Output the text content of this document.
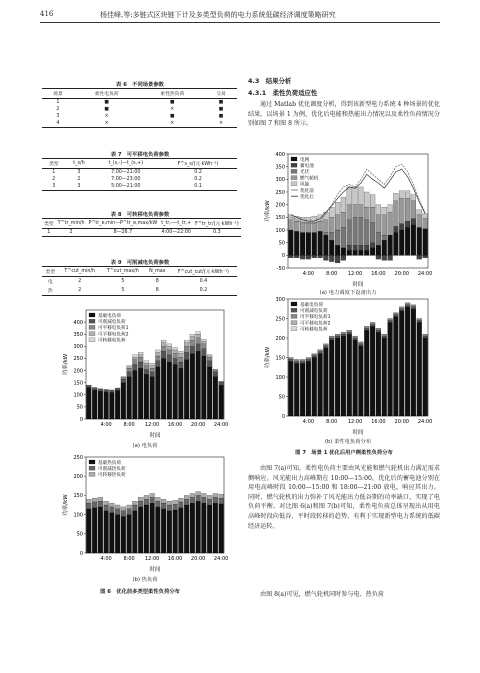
416	杨佳峰,等:多链式区块链下计及多类型负荷的电力系统低碳经济调度策略研究
表 6　不同场景参数
场景	柔性电负荷	柔性热负荷	交易
1	■	■	■
2	■	×	■
3	×	■	■
4	×	×	×
表 7　可平移电负荷参数
类型	t_s/h	t_(s,-)—t_(s,+)	F^s_s/(元·kWh⁻¹)
1	3	7:00—21:00	0.2
2	2	7:00—23:00	0.2
3	3	5:00—21:00	0.1
表 8　可转移电负荷参数
类型	T^tr_min/h	P^tr_e,min—P^tr_e,max/kW	t_tr,-—t_tr,+	F^tr_tr/(元·kWh⁻¹)
1	2	8—26.7	4:00—22:00	0.3
表 9　可削减电负荷参数
类型	T^cut_min/h	T^cut_max/h	N_max	F^cut_cut/(元·kWh⁻¹)
电	2	5	8	0.4
热	2	5	8	0.2
0
50
100
150
200
250
300
350
400
4:00 8:00 12:00 16:00 20:00 24:00
时间
功率/kW
基础电负荷
可削减电负荷
可平移电负荷1
可平移电负荷2
可转移电负荷
(a) 电负荷
0
50
100
150
200
250
4:00 8:00 12:00 16:00 20:00 24:00
时间
功率/kW
基础热负荷
可削减热负荷
可转移热负荷
(b) 热负荷
图 6　优化前多类型柔性负荷分布
4.3　结果分析
4.3.1　柔性负荷适应性

通过 Matlab 优化调度分析，得到该新型电力系统 4 种场景的优化结果。以场景 1 为例，优化后电能和热能出力情况以及柔性负荷情况分别如图 7 和图 8 所示。

-50
0
50
100
150
200
250
300
350
400
4:00 8:00 12:00 16:00 20:00 24:00
时间
功率/kW
电网
蓄电池
光伏
燃气轮机
风能
优化前
优化后
(a) 电力调度下设备出力
0
50
100
150
200
250
300
4:00 8:00 12:00 16:00 20:00 24:00
时间
功率/kW
基础电负荷
可削减电负荷
可平移电负荷1
可平移电负荷2
可转移电负荷
(b) 柔性电负荷分布
图 7　场景 1 优化后用户侧柔性负荷分布

由图 7(a)可知，柔性电负荷主要由风光能和燃气轮机出力满足需求侧响应。风光能出力高峰期在 10:00—15:00，优化后的蓄电池分别在用电高峰时段 10:00—15:00 和 18:00—21:00 放电，响应其出力。同时，燃气轮机的出力弥补了风光能出力低谷期的功率缺口，实现了电负荷平衡。对比图 6(a)和图 7(b)可知，柔性电负荷总体呈现出从用电高峰时段向低谷、平时段转移的趋势，有利于实现新型电力系统的低碳经济运转。

由图 8(a)可见，燃气轮机同时参与电、热负荷
